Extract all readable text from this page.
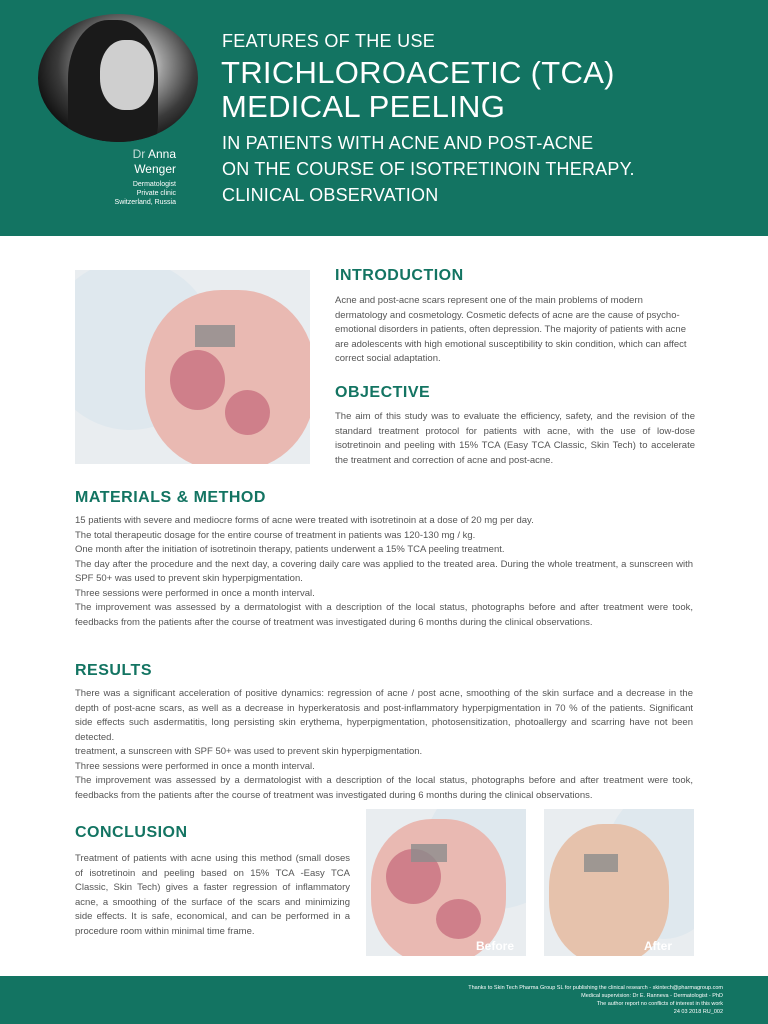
Dr Anna
Wenger
Dermatologist
Private clinic
Switzerland, Russia
FEATURES OF THE USE
TRICHLOROACETIC (TCA)
MEDICAL PEELING
IN PATIENTS WITH ACNE AND POST-ACNE
ON THE COURSE OF ISOTRETINOIN THERAPY.
CLINICAL OBSERVATION
INTRODUCTION

Acne and post-acne scars represent one of the main problems of modern dermatology and cosmetology. Cosmetic defects of acne are the cause of psycho-emotional disorders in patients, often depression. The majority of patients with acne are adolescents with high emotional susceptibility to skin condition, which can affect correct social adaptation.

OBJECTIVE

The aim of this study was to evaluate the efficiency, safety, and the revision of the standard treatment protocol for patients with acne, with the use of low-dose isotretinoin and peeling with 15% TCA (Easy TCA Classic, Skin Tech) to accelerate the treatment and correction of acne and post-acne.

MATERIALS & METHOD
15 patients with severe and mediocre forms of acne were treated with isotretinoin at a dose of 20 mg per day.
The total therapeutic dosage for the entire course of treatment in patients was 120-130 mg / kg.
One month after the initiation of isotretinoin therapy, patients underwent a 15% TCA peeling treatment.
The day after the procedure and the next day, a covering daily care was applied to the treated area. During the whole treatment, a sunscreen with SPF 50+ was used to prevent skin hyperpigmentation.
Three sessions were performed in once a month interval.
The improvement was assessed by a dermatologist with a description of the local status, photographs before and after treatment were took, feedbacks from the patients after the course of treatment was investigated during 6 months during the clinical observations.
RESULTS
There was a significant acceleration of positive dynamics: regression of acne / post acne, smoothing of the skin surface and a decrease in the depth of post-acne scars, as well as a decrease in hyperkeratosis and post-inflammatory hyperpigmentation in 70 % of the patients. Significant side effects such asdermatitis, long persisting skin erythema, hyperpigmentation, photosensitization, photoallergy and scarring have not been detected.
treatment, a sunscreen with SPF 50+ was used to prevent skin hyperpigmentation.
Three sessions were performed in once a month interval.
The improvement was assessed by a dermatologist with a description of the local status, photographs before and after treatment were took, feedbacks from the patients after the course of treatment was investigated during 6 months during the clinical observations.
CONCLUSION

Treatment of patients with acne using this method (small doses of isotretinoin and peeling based on 15% TCA -Easy TCA Classic, Skin Tech) gives a faster regression of inflammatory acne, a smoothing of the surface of the scars and minimizing side effects. It is safe, economical, and can be performed in a procedure room within minimal time frame.

Before	After
Thanks to Skin Tech Pharma Group SL for publishing the clinical research - skintech@pharmagroup.com
Medical supervision: Dr E. Ranneva - Dermatologist - PhD
The author report no conflicts of interest in this work
24 03 2018 RU_002
